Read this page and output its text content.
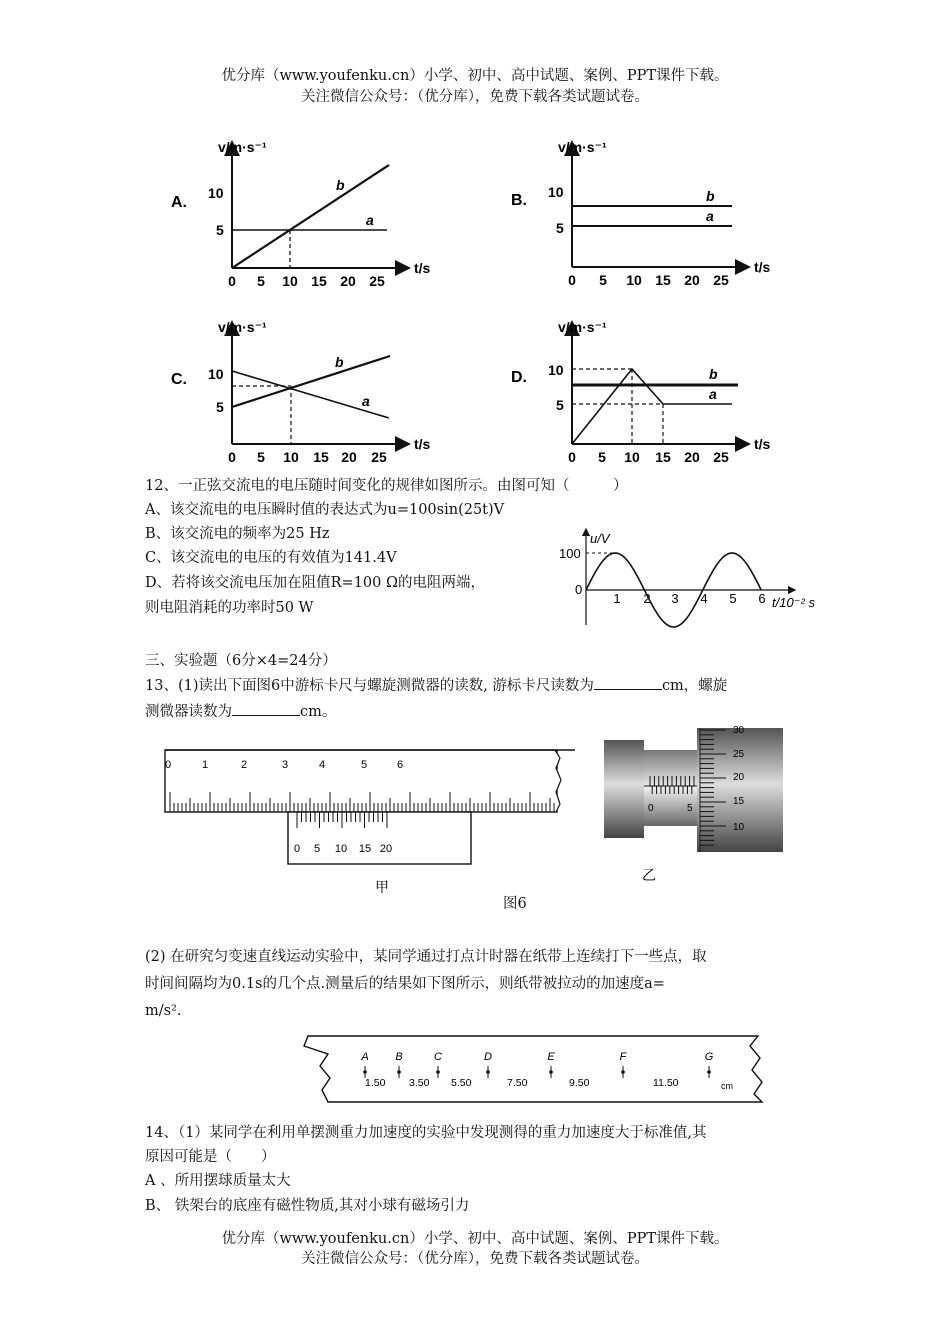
优分库（www.youfenku.cn）小学、初中、高中试题、案例、PPT课件下载。
关注微信公众号：（优分库），免费下载各类试题试卷。
A.
v/m·s⁻¹
t/s
10
5
0 5 10 15 20 25
b
a
B.
v/m·s⁻¹
t/s
10
5
0 5 10 15 20 25
b
a
C.
v/m·s⁻¹
t/s
10
5
0 5 10 15 20 25
b
a
D.
v/m·s⁻¹
t/s
10
5
0 5 10 15 20 25
b
a
12、一正弦交流电的电压随时间变化的规律如图所示。由图可知（　　　）
A、该交流电的电压瞬时值的表达式为u=100sin(25t)V
B、该交流电的频率为25 Hz
C、该交流电的电压的有效值为141.4V
D、若将该交流电压加在阻值R=100 Ω的电阻两端，
则电阻消耗的功率时50 W
u/V
100
0
1 2 3 4 5 6 t/10⁻² s
三、实验题（6分×4=24分）
13、(1)读出下面图6中游标卡尺与螺旋测微器的读数, 游标卡尺读数为	cm，螺旋
测微器读数为	cm。
0	1	2	3	4	5	6
0 5 10 15 20
甲
0	5
30
25
20
15
10
乙
图6
(2) 在研究匀变速直线运动实验中，某同学通过打点计时器在纸带上连续打下一些点，取
时间间隔均为0.1s的几个点.测量后的结果如下图所示，则纸带被拉动的加速度a=
m/s².
1.50 3.50 5.50	7.50	9.50	11.50	cm
A B	C	D	E	F	G
14、（1）某同学在利用单摆测重力加速度的实验中发现测得的重力加速度大于标准值,其
原因可能是（　　）
A 、所用摆球质量太大
B、 铁架台的底座有磁性物质,其对小球有磁场引力
优分库（www.youfenku.cn）小学、初中、高中试题、案例、PPT课件下载。
关注微信公众号：（优分库），免费下载各类试题试卷。
